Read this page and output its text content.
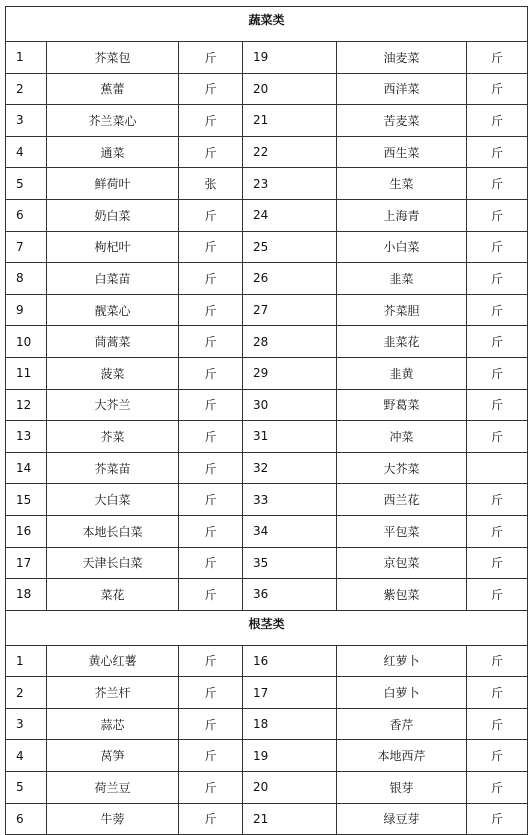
蔬菜类					
1	芥菜包	斤	19	油麦菜	斤
2	蕉蕾	斤	20	西洋菜	斤
3	芥兰菜心	斤	21	苦麦菜	斤
4	通菜	斤	22	西生菜	斤
5	鲜荷叶	张	23	生菜	斤
6	奶白菜	斤	24	上海青	斤
7	枸杞叶	斤	25	小白菜	斤
8	白菜苗	斤	26	韭菜	斤
9	靓菜心	斤	27	芥菜胆	斤
10	茼蒿菜	斤	28	韭菜花	斤
11	菠菜	斤	29	韭黄	斤
12	大芥兰	斤	30	野葛菜	斤
13	芥菜	斤	31	冲菜	斤
14	芥菜苗	斤	32	大芥菜	
15	大白菜	斤	33	西兰花	斤
16	本地长白菜	斤	34	平包菜	斤
17	天津长白菜	斤	35	京包菜	斤
18	菜花	斤	36	紫包菜	斤
根茎类					
1	黄心红薯	斤	16	红萝卜	斤
2	芥兰杆	斤	17	白萝卜	斤
3	蒜芯	斤	18	香芹	斤
4	莴笋	斤	19	本地西芹	斤
5	荷兰豆	斤	20	银芽	斤
6	牛蒡	斤	21	绿豆芽	斤
